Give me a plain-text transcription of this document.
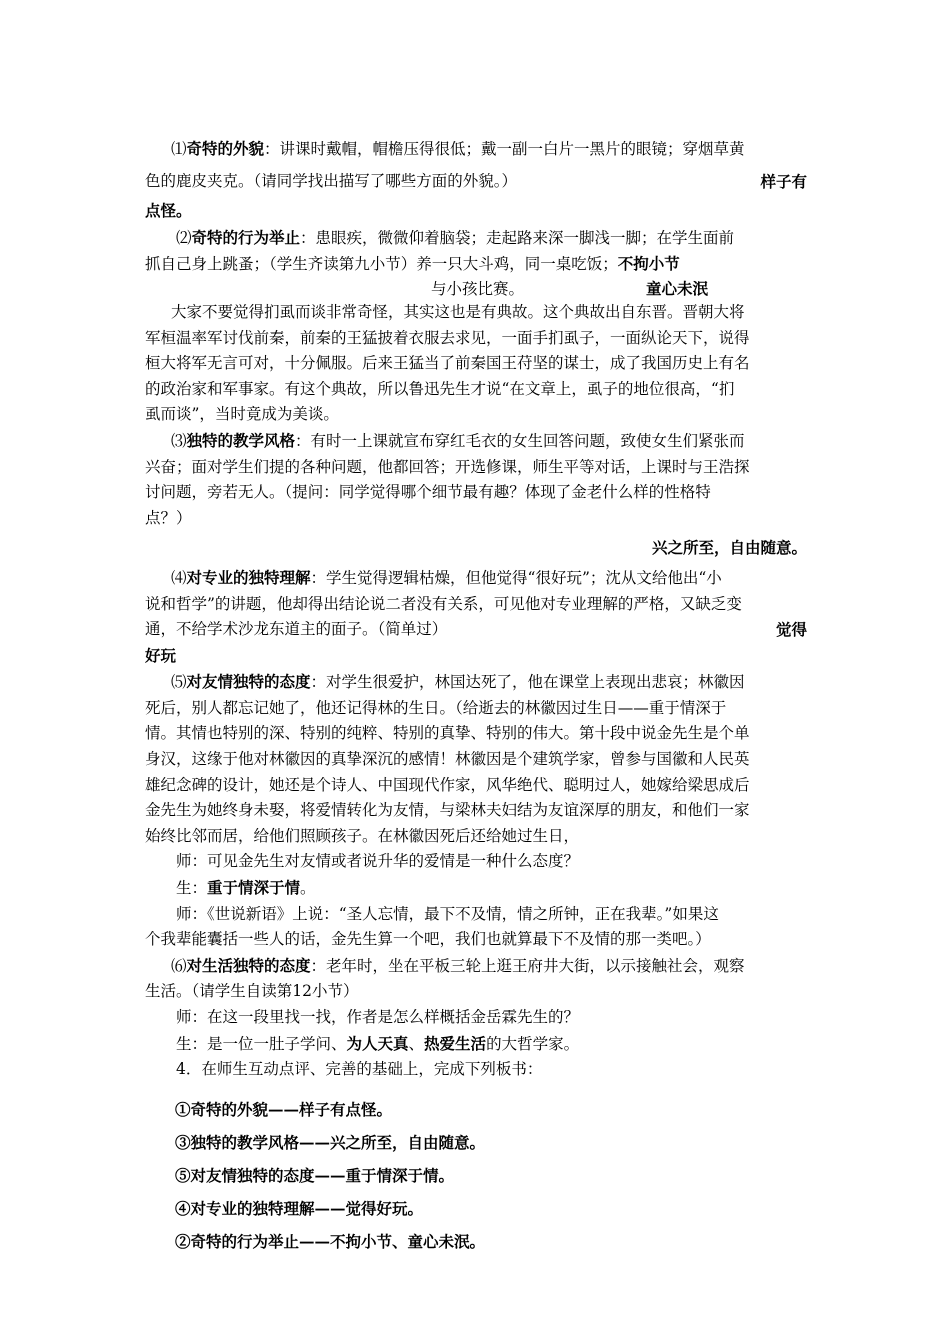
⑴奇特的外貌：讲课时戴帽，帽檐压得很低；戴一副一白片一黑片的眼镜；穿烟草黄

色的鹿皮夹克。（请同学找出描写了哪些方面的外貌。）	样子有

点怪。

⑵奇特的行为举止：患眼疾，微微仰着脑袋；走起路来深一脚浅一脚；在学生面前

抓自己身上跳蚤；（学生齐读第九小节）养一只大斗鸡，同一桌吃饭；不拘小节

与小孩比赛。	童心未泯

大家不要觉得扪虱而谈非常奇怪，其实这也是有典故。这个典故出自东晋。晋朝大将

军桓温率军讨伐前秦，前秦的王猛披着衣服去求见，一面手扪虱子，一面纵论天下，说得

桓大将军无言可对，十分佩服。后来王猛当了前秦国王苻坚的谋士，成了我国历史上有名

的政治家和军事家。有这个典故，所以鲁迅先生才说“在文章上，虱子的地位很高，“扪

虱而谈”，当时竟成为美谈。

⑶独特的教学风格：有时一上课就宣布穿红毛衣的女生回答问题，致使女生们紧张而

兴奋；面对学生们提的各种问题，他都回答；开选修课，师生平等对话，上课时与王浩探

讨问题，旁若无人。（提问：同学觉得哪个细节最有趣？体现了金老什么样的性格特

点？）

兴之所至，自由随意。

⑷对专业的独特理解：学生觉得逻辑枯燥，但他觉得“很好玩”；沈从文给他出“小

说和哲学”的讲题，他却得出结论说二者没有关系，可见他对专业理解的严格，又缺乏变

通，不给学术沙龙东道主的面子。（简单过）	觉得

好玩

⑸对友情独特的态度：对学生很爱护，林国达死了，他在课堂上表现出悲哀；林徽因

死后，别人都忘记她了，他还记得林的生日。（给逝去的林徽因过生日——重于情深于

情。其情也特别的深、特别的纯粹、特别的真挚、特别的伟大。第十段中说金先生是个单

身汉，这缘于他对林徽因的真挚深沉的感情！林徽因是个建筑学家，曾参与国徽和人民英

雄纪念碑的设计，她还是个诗人、中国现代作家，风华绝代、聪明过人，她嫁给梁思成后

金先生为她终身未娶，将爱情转化为友情，与梁林夫妇结为友谊深厚的朋友，和他们一家

始终比邻而居，给他们照顾孩子。在林徽因死后还给她过生日，

师：可见金先生对友情或者说升华的爱情是一种什么态度？

生：重于情深于情。

师：《世说新语》上说：“圣人忘情，最下不及情，情之所钟，正在我辈。”如果这

个我辈能囊括一些人的话，金先生算一个吧，我们也就算最下不及情的那一类吧。）

⑹对生活独特的态度：老年时，坐在平板三轮上逛王府井大街，以示接触社会，观察

生活。（请学生自读第12小节）

师：在这一段里找一找，作者是怎么样概括金岳霖先生的？

生：是一位一肚子学问、为人天真、热爱生活的大哲学家。

4．在师生互动点评、完善的基础上，完成下列板书：

①奇特的外貌——样子有点怪。

③独特的教学风格——兴之所至，自由随意。

⑤对友情独特的态度——重于情深于情。

④对专业的独特理解——觉得好玩。

②奇特的行为举止——不拘小节、童心未泯。
